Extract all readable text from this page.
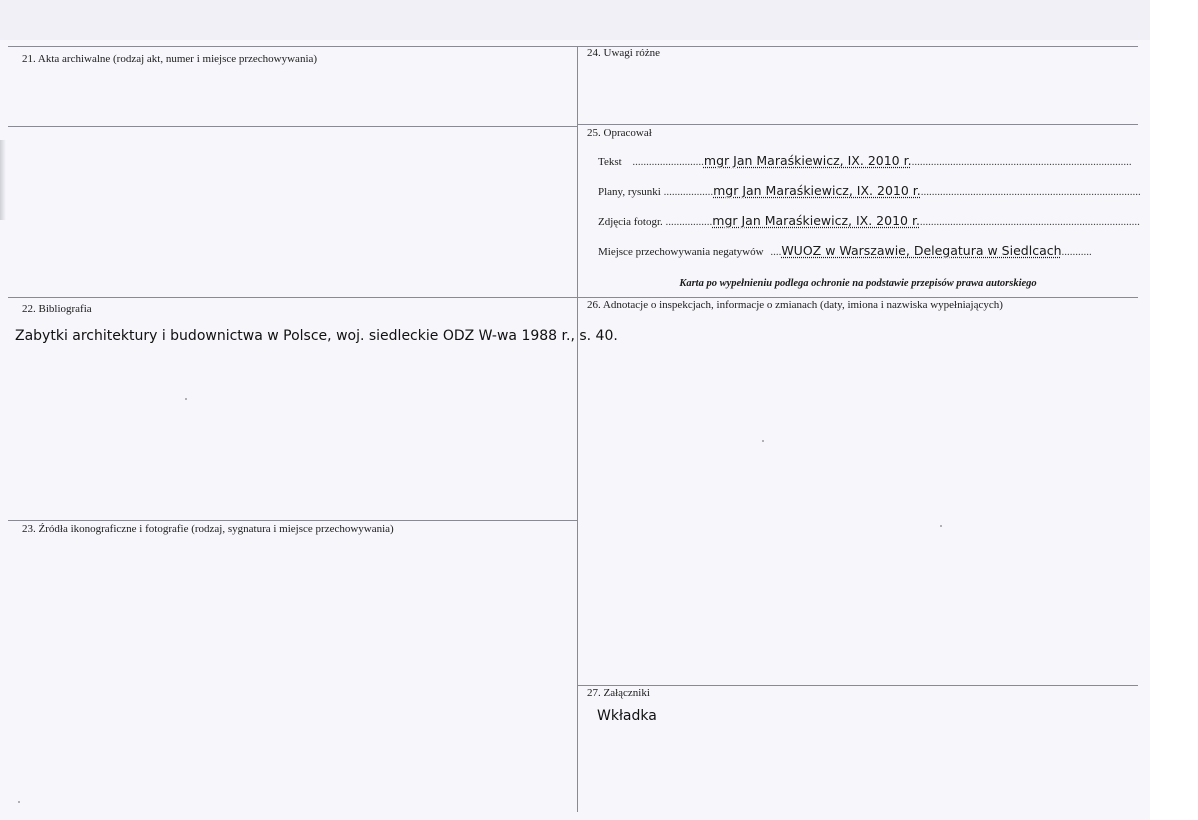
21. Akta archiwalne (rodzaj akt, numer i miejsce przechowywania)	24. Uwagi różne
25. Opracował
Tekst ..........................mgr Jan Maraśkiewicz, IX. 2010 r.................................................................................
Plany, rysunki ..................mgr Jan Maraśkiewicz, IX. 2010 r.................................................................................
Zdjęcia fotogr. .................mgr Jan Maraśkiewicz, IX. 2010 r.................................................................................
Miejsce przechowywania negatywów ....WUOZ w Warszawie, Delegatura w Siedlcach...........
Karta po wypełnieniu podlega ochronie na podstawie przepisów prawa autorskiego
22. Bibliografia
Zabytki architektury i budownictwa w Polsce, woj. siedleckie ODZ W-wa 1988 r., s. 40.
26. Adnotacje o inspekcjach, informacje o zmianach (daty, imiona i nazwiska wypełniających)
23. Źródła ikonograficzne i fotografie (rodzaj, sygnatura i miejsce przechowywania)
27. Załączniki
Wkładka
